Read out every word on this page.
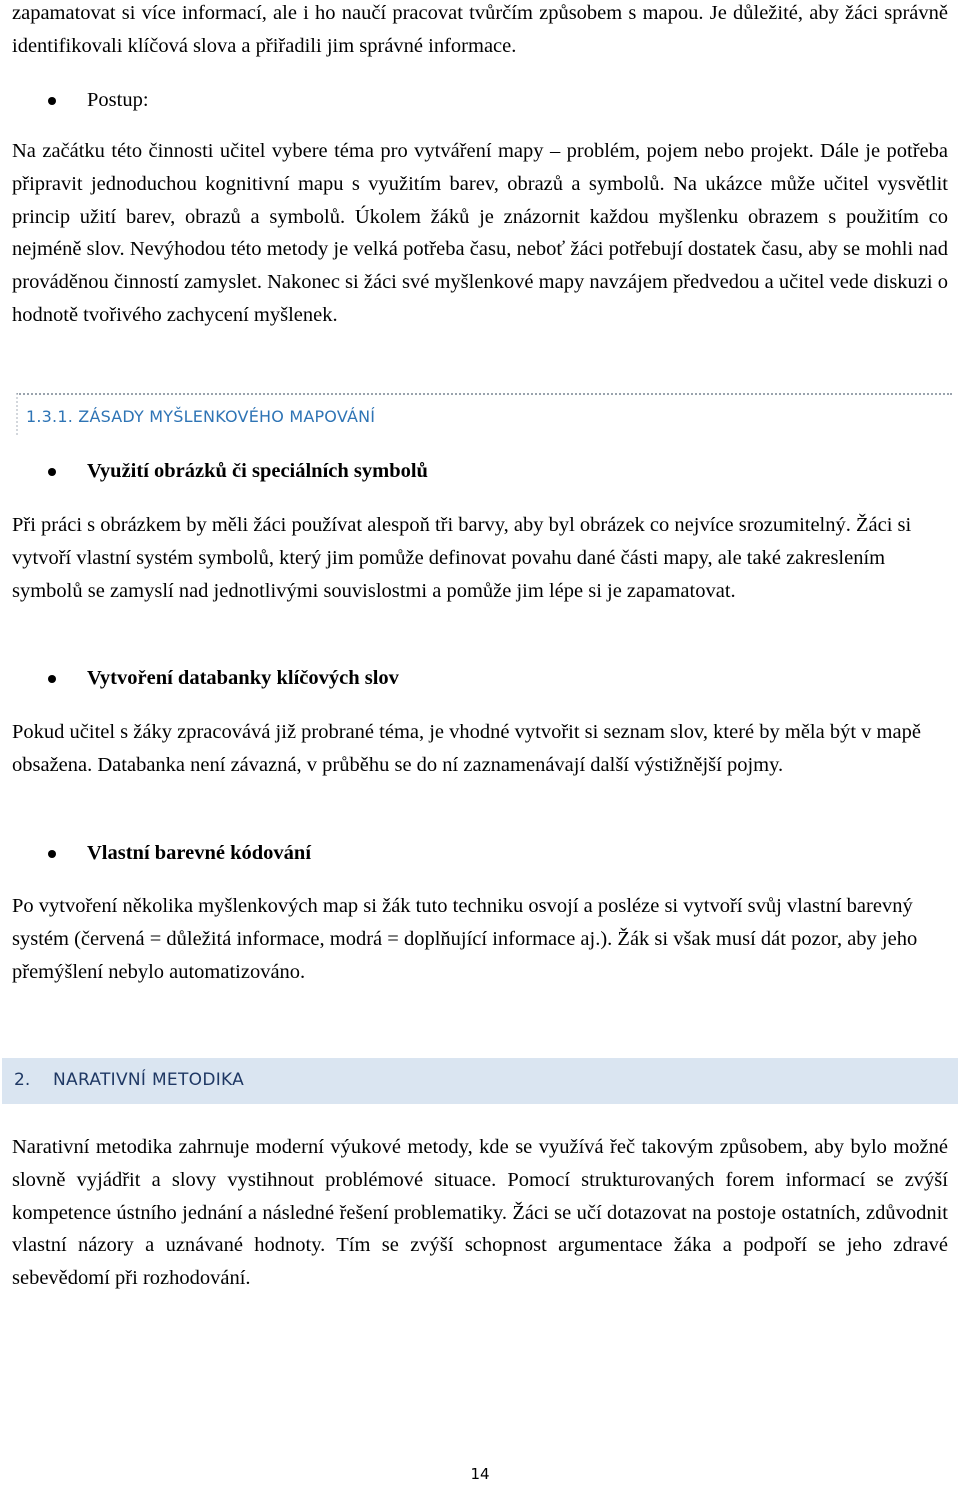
zapamatovat si více informací, ale i ho naučí pracovat tvůrčím způsobem s mapou. Je důležité, aby žáci správně identifikovali klíčová slova a přiřadili jim správné informace.

Postup:

Na začátku této činnosti učitel vybere téma pro vytváření mapy – problém, pojem nebo projekt. Dále je potřeba připravit jednoduchou kognitivní mapu s využitím barev, obrazů a symbolů. Na ukázce může učitel vysvětlit princip užití barev, obrazů a symbolů. Úkolem žáků je znázornit každou myšlenku obrazem s použitím co nejméně slov. Nevýhodou této metody je velká potřeba času, neboť žáci potřebují dostatek času, aby se mohli nad prováděnou činností zamyslet. Nakonec si žáci své myšlenkové mapy navzájem předvedou a učitel vede diskuzi o hodnotě tvořivého zachycení myšlenek.

1.3.1. ZÁSADY MYŠLENKOVÉHO MAPOVÁNÍ
Využití obrázků či speciálních symbolů

Při práci s obrázkem by měli žáci používat alespoň tři barvy, aby byl obrázek co nejvíce srozumitelný. Žáci si vytvoří vlastní systém symbolů, který jim pomůže definovat povahu dané části mapy, ale také zakreslením symbolů se zamyslí nad jednotlivými souvislostmi a pomůže jim lépe si je zapamatovat.

Vytvoření databanky klíčových slov

Pokud učitel s žáky zpracovává již probrané téma, je vhodné vytvořit si seznam slov, které by měla být v mapě obsažena. Databanka není závazná, v průběhu se do ní zaznamenávají další výstižnější pojmy.

Vlastní barevné kódování

Po vytvoření několika myšlenkových map si žák tuto techniku osvojí a posléze si vytvoří svůj vlastní barevný systém (červená = důležitá informace, modrá = doplňující informace aj.). Žák si však musí dát pozor, aby jeho přemýšlení nebylo automatizováno.

2. NARATIVNÍ METODIKA

Narativní metodika zahrnuje moderní výukové metody, kde se využívá řeč takovým způsobem, aby bylo možné slovně vyjádřit a slovy vystihnout problémové situace. Pomocí strukturovaných forem informací se zvýší kompetence ústního jednání a následné řešení problematiky. Žáci se učí dotazovat na postoje ostatních, zdůvodnit vlastní názory a uznávané hodnoty. Tím se zvýší schopnost argumentace žáka a podpoří se jeho zdravé sebevědomí při rozhodování.

14
